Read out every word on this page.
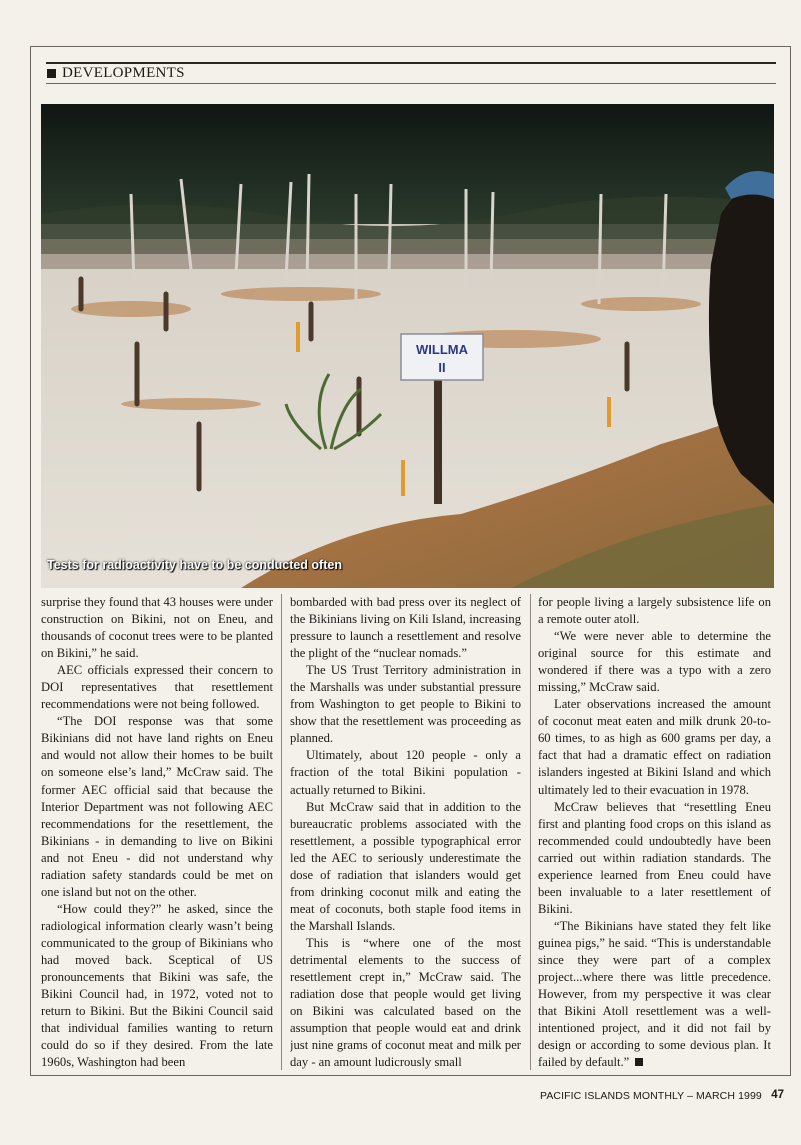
DEVELOPMENTS
WILLMA
II
Tests for radioactivity have to be conducted often

surprise they found that 43 houses were under construction on Bikini, not on Eneu, and thousands of coconut trees were to be planted on Bikini,” he said.

AEC officials expressed their concern to DOI representatives that resettlement recommendations were not being followed.

“The DOI response was that some Bikinians did not have land rights on Eneu and would not allow their homes to be built on someone else’s land,” McCraw said. The former AEC official said that because the Interior Department was not following AEC recommendations for the resettlement, the Bikinians - in demanding to live on Bikini and not Eneu - did not understand why radiation safety standards could be met on one island but not on the other.

“How could they?” he asked, since the radiological information clearly wasn’t being communicated to the group of Bikinians who had moved back. Sceptical of US pronouncements that Bikini was safe, the Bikini Council had, in 1972, voted not to return to Bikini. But the Bikini Council said that individual families wanting to return could do so if they desired. From the late 1960s, Washington had been

bombarded with bad press over its neglect of the Bikinians living on Kili Island, increasing pressure to launch a resettlement and resolve the plight of the “nuclear nomads.”

The US Trust Territory administration in the Marshalls was under substantial pressure from Washington to get people to Bikini to show that the resettlement was proceeding as planned.

Ultimately, about 120 people - only a fraction of the total Bikini population - actually returned to Bikini.

But McCraw said that in addition to the bureaucratic problems associated with the resettlement, a possible typographical error led the AEC to seriously underestimate the dose of radiation that islanders would get from drinking coconut milk and eating the meat of coconuts, both staple food items in the Marshall Islands.

This is “where one of the most detrimental elements to the success of resettlement crept in,” McCraw said. The radiation dose that people would get living on Bikini was calculated based on the assumption that people would eat and drink just nine grams of coconut meat and milk per day - an amount ludicrously small

for people living a largely subsistence life on a remote outer atoll.

“We were never able to determine the original source for this estimate and wondered if there was a typo with a zero missing,” McCraw said.

Later observations increased the amount of coconut meat eaten and milk drunk 20-to-60 times, to as high as 600 grams per day, a fact that had a dramatic effect on radiation islanders ingested at Bikini Island and which ultimately led to their evacuation in 1978.

McCraw believes that “resettling Eneu first and planting food crops on this island as recommended could undoubtedly have been carried out within radiation standards. The experience learned from Eneu could have been invaluable to a later resettlement of Bikini.

“The Bikinians have stated they felt like guinea pigs,” he said. “This is understandable since they were part of a complex project...where there was little precedence. However, from my perspective it was clear that Bikini Atoll resettlement was a well-intentioned project, and it did not fail by design or according to some devious plan. It failed by default.”

PACIFIC ISLANDS MONTHLY – MARCH 1999 47
